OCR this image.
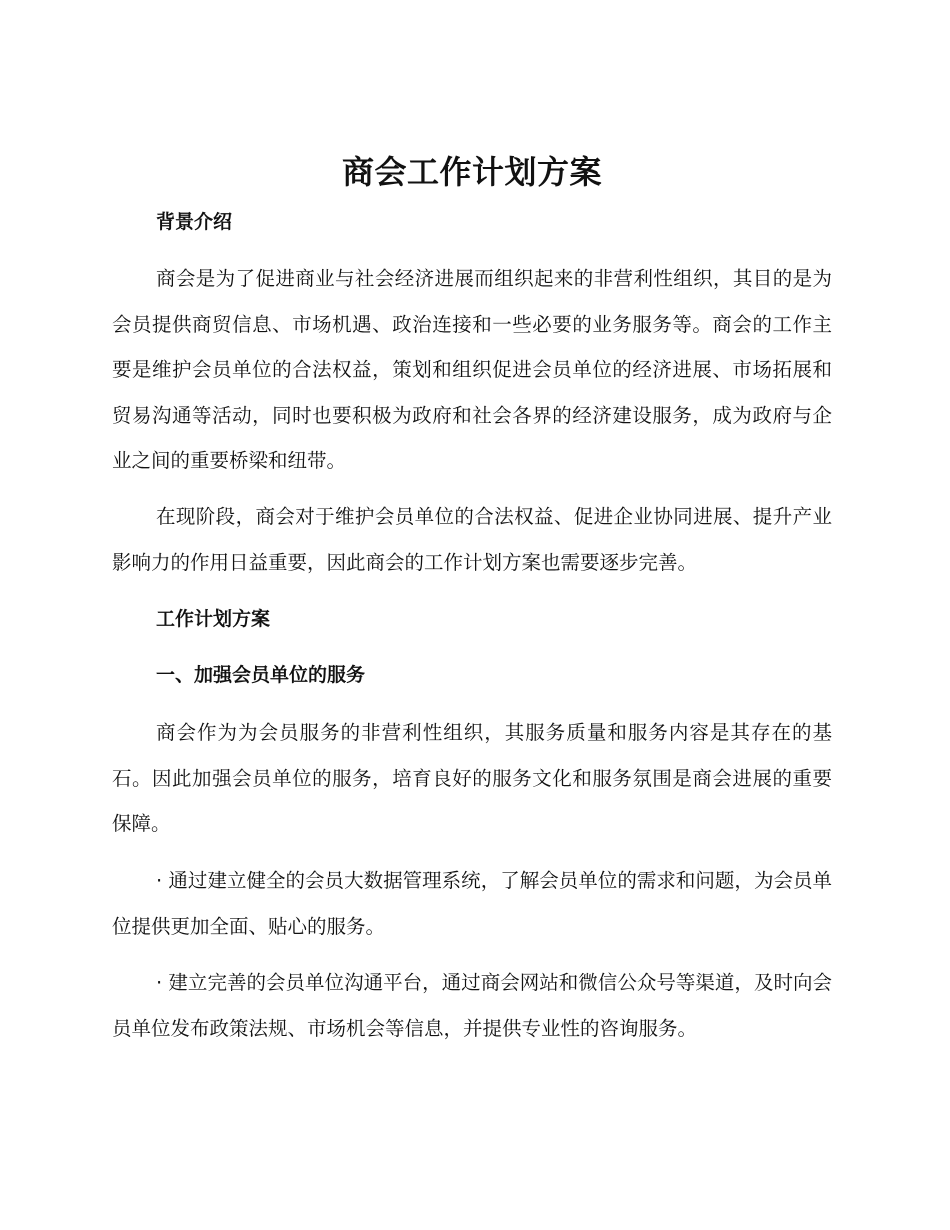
商会工作计划方案
背景介绍

商会是为了促进商业与社会经济进展而组织起来的非营利性组织，其目的是为会员提供商贸信息、市场机遇、政治连接和一些必要的业务服务等。商会的工作主要是维护会员单位的合法权益，策划和组织促进会员单位的经济进展、市场拓展和贸易沟通等活动，同时也要积极为政府和社会各界的经济建设服务，成为政府与企业之间的重要桥梁和纽带。

在现阶段，商会对于维护会员单位的合法权益、促进企业协同进展、提升产业影响力的作用日益重要，因此商会的工作计划方案也需要逐步完善。

工作计划方案
一、加强会员单位的服务

商会作为为会员服务的非营利性组织，其服务质量和服务内容是其存在的基石。因此加强会员单位的服务，培育良好的服务文化和服务氛围是商会进展的重要保障。

· 通过建立健全的会员大数据管理系统，了解会员单位的需求和问题，为会员单位提供更加全面、贴心的服务。

· 建立完善的会员单位沟通平台，通过商会网站和微信公众号等渠道，及时向会员单位发布政策法规、市场机会等信息，并提供专业性的咨询服务。
